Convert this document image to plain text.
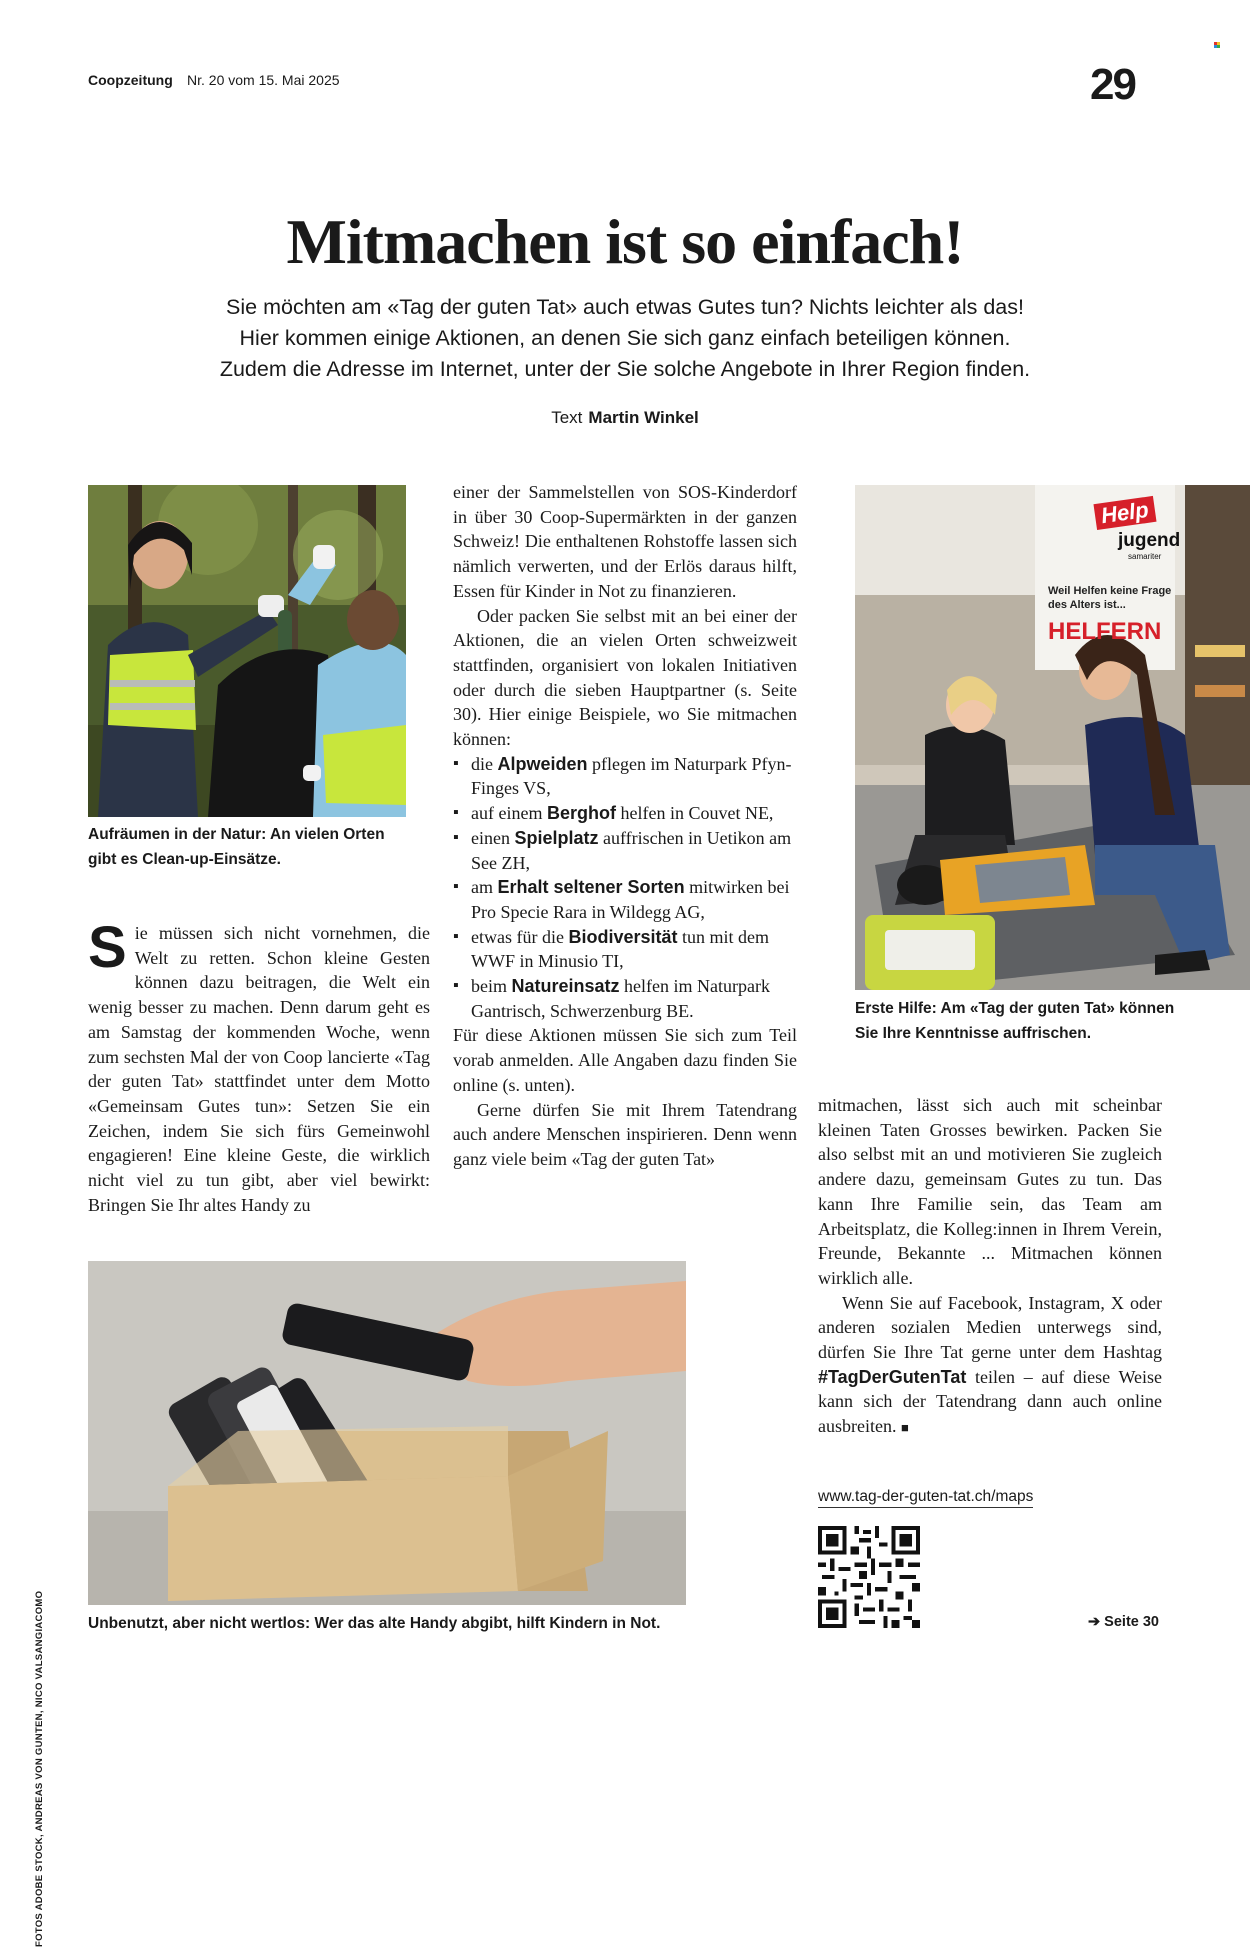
Coopzeitung Nr. 20 vom 15. Mai 2025	29
Mitmachen ist so einfach!
Sie möchten am «Tag der guten Tat» auch etwas Gutes tun? Nichts leichter als das!
Hier kommen einige Aktionen, an denen Sie sich ganz einfach beteiligen können.
Zudem die Adresse im Internet, unter der Sie solche Angebote in Ihrer Region finden.
Text Martin Winkel
Aufräumen in der Natur: An vielen Orten gibt es Clean-up-Einsätze.
Help
jugend
samariter
Weil Helfen keine Frage
des Alters ist...
HELFERN
Erste Hilfe: Am «Tag der guten Tat» können Sie Ihre Kenntnisse auffrischen.

Sie müssen sich nicht vornehmen, die Welt zu retten. Schon kleine Gesten können dazu beitragen, die Welt ein wenig besser zu machen. Denn darum geht es am Samstag der kommenden Woche, wenn zum sechsten Mal der von Coop lancierte «Tag der guten Tat» stattfindet unter dem Motto «Gemeinsam Gutes tun»: Setzen Sie ein Zeichen, indem Sie sich fürs Gemeinwohl engagieren! Eine kleine Geste, die wirklich nicht viel zu tun gibt, aber viel bewirkt: Bringen Sie Ihr altes Handy zu

einer der Sammelstellen von SOS-Kinderdorf in über 30 Coop-Supermärkten in der ganzen Schweiz! Die enthaltenen Rohstoffe lassen sich nämlich verwerten, und der Erlös daraus hilft, Essen für Kinder in Not zu finanzieren.

Oder packen Sie selbst mit an bei einer der Aktionen, die an vielen Orten schweizweit stattfinden, organisiert von lokalen Initiativen oder durch die sieben Hauptpartner (s. Seite 30). Hier einige Beispiele, wo Sie mitmachen können:

▪ die Alpweiden pflegen im Naturpark Pfyn-Finges VS,
▪ auf einem Berghof helfen in Couvet NE,
▪ einen Spielplatz auffrischen in Uetikon am See ZH,
▪ am Erhalt seltener Sorten mitwirken bei Pro Specie Rara in Wildegg AG,
▪ etwas für die Biodiversität tun mit dem WWF in Minusio TI,
▪ beim Natureinsatz helfen im Naturpark Gantrisch, Schwerzenburg BE.

Für diese Aktionen müssen Sie sich zum Teil vorab anmelden. Alle Angaben dazu finden Sie online (s. unten).

Gerne dürfen Sie mit Ihrem Tatendrang auch andere Menschen inspirieren. Denn wenn ganz viele beim «Tag der guten Tat»

mitmachen, lässt sich auch mit scheinbar kleinen Taten Grosses bewirken. Packen Sie also selbst mit an und motivieren Sie zugleich andere dazu, gemeinsam Gutes zu tun. Das kann Ihre Familie sein, das Team am Arbeitsplatz, die Kolleg:innen in Ihrem Verein, Freunde, Bekannte ... Mitmachen können wirklich alle.

Wenn Sie auf Facebook, Instagram, X oder anderen sozialen Medien unterwegs sind, dürfen Sie Ihre Tat gerne unter dem Hashtag #TagDerGutenTat teilen – auf diese Weise kann sich der Tatendrang dann auch online ausbreiten. ■

Unbenutzt, aber nicht wertlos: Wer das alte Handy abgibt, hilft Kindern in Not.
FOTOS ADOBE STOCK, ANDREAS VON GUNTEN, NICO VALSANGIACOMO
www.tag-der-guten-tat.ch/maps
➔ Seite 30
